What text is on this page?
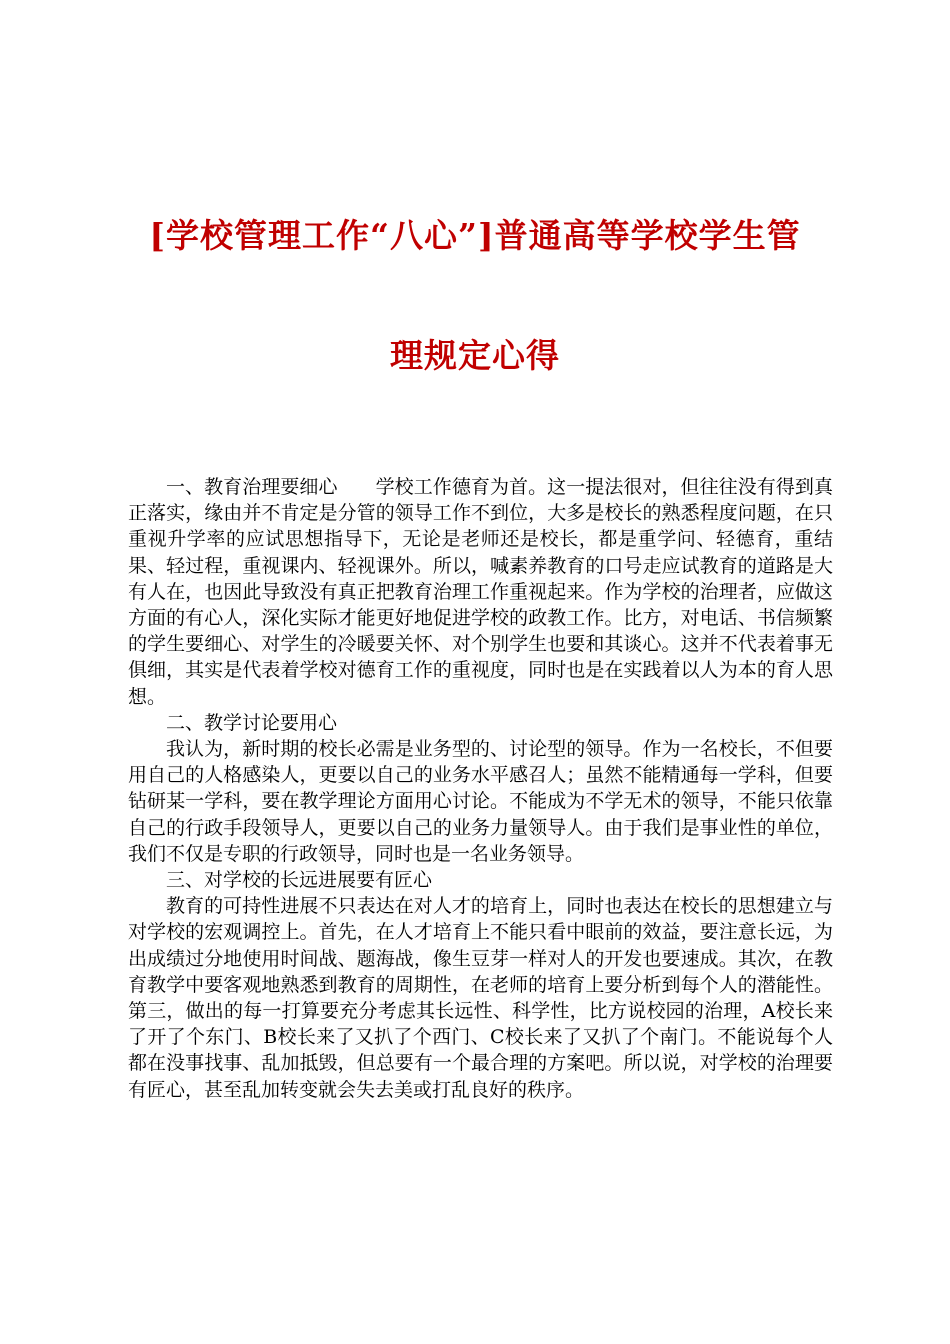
[学校管理工作“八心”]普通高等学校学生管
理规定心得

一、教育治理要细心 学校工作德育为首。这一提法很对，但往往没有得到真正落实，缘由并不肯定是分管的领导工作不到位，大多是校长的熟悉程度问题，在只重视升学率的应试思想指导下，无论是老师还是校长，都是重学问、轻德育，重结果、轻过程，重视课内、轻视课外。所以，喊素养教育的口号走应试教育的道路是大有人在，也因此导致没有真正把教育治理工作重视起来。作为学校的治理者，应做这方面的有心人，深化实际才能更好地促进学校的政教工作。比方，对电话、书信频繁的学生要细心、对学生的冷暖要关怀、对个别学生也要和其谈心。这并不代表着事无俱细，其实是代表着学校对德育工作的重视度，同时也是在实践着以人为本的育人思想。

二、教学讨论要用心

我认为，新时期的校长必需是业务型的、讨论型的领导。作为一名校长，不但要用自己的人格感染人，更要以自己的业务水平感召人；虽然不能精通每一学科，但要钻研某一学科，要在教学理论方面用心讨论。不能成为不学无术的领导，不能只依靠自己的行政手段领导人，更要以自己的业务力量领导人。由于我们是事业性的单位，我们不仅是专职的行政领导，同时也是一名业务领导。

三、对学校的长远进展要有匠心

教育的可持性进展不只表达在对人才的培育上，同时也表达在校长的思想建立与对学校的宏观调控上。首先，在人才培育上不能只看中眼前的效益，要注意长远，为出成绩过分地使用时间战、题海战，像生豆芽一样对人的开发也要速成。其次，在教育教学中要客观地熟悉到教育的周期性，在老师的培育上要分析到每个人的潜能性。第三，做出的每一打算要充分考虑其长远性、科学性，比方说校园的治理，A校长来了开了个东门、B校长来了又扒了个西门、C校长来了又扒了个南门。不能说每个人都在没事找事、乱加抵毁，但总要有一个最合理的方案吧。所以说，对学校的治理要有匠心，甚至乱加转变就会失去美或打乱良好的秩序。
